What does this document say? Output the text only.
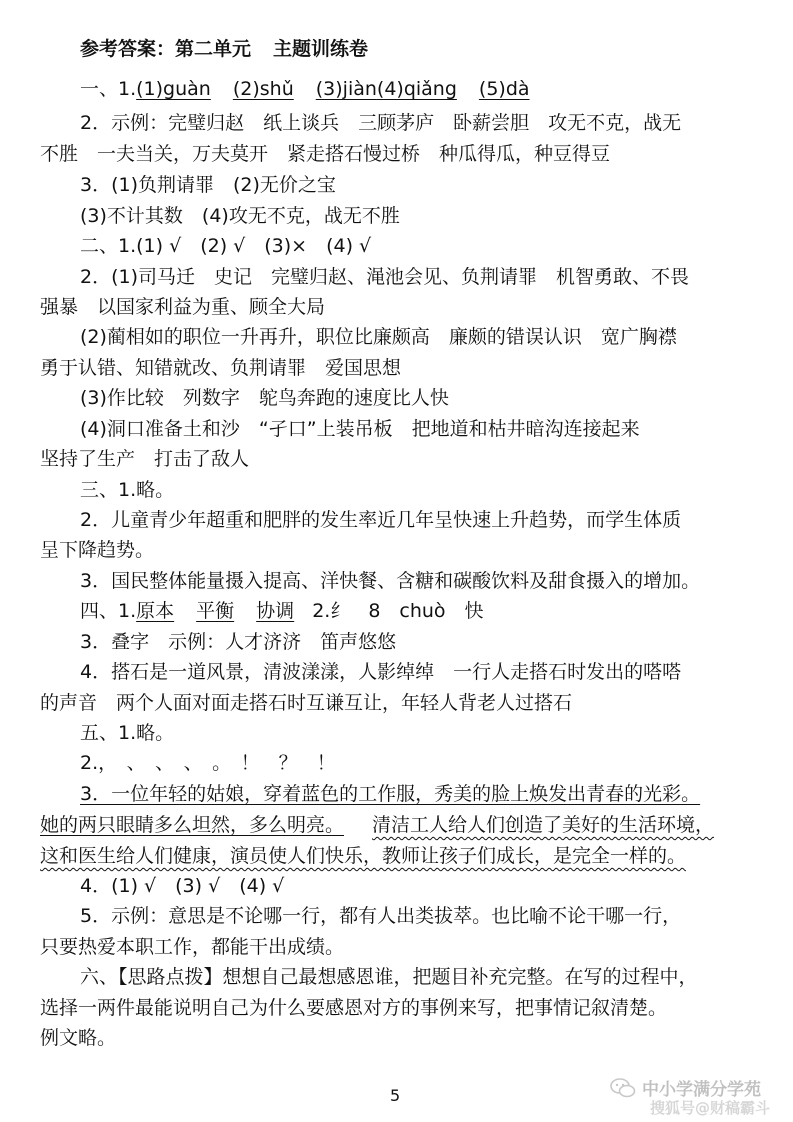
参考答案：第二单元 主题训练卷
一、1.(1)guàn (2)shǔ (3)jiàn(4)qiǎng (5)dà
2．示例：完璧归赵　纸上谈兵　三顾茅庐　卧薪尝胆　攻无不克，战无
不胜　一夫当关，万夫莫开　紧走搭石慢过桥　种瓜得瓜，种豆得豆
3．(1)负荆请罪　(2)无价之宝
(3)不计其数　(4)攻无不克，战无不胜
二、1.(1) √　(2) √　(3)×　(4) √
2．(1)司马迁　史记　完璧归赵、渑池会见、负荆请罪　机智勇敢、不畏
强暴　以国家利益为重、顾全大局
(2)蔺相如的职位一升再升，职位比廉颇高　廉颇的错误认识　宽广胸襟
勇于认错、知错就改、负荆请罪　爱国思想
(3)作比较　列数字　鸵鸟奔跑的速度比人快
(4)洞口准备土和沙　“孑口”上装吊板　把地道和枯井暗沟连接起来
坚持了生产　打击了敌人
三、1.略。
2．儿童青少年超重和肥胖的发生率近几年呈快速上升趋势，而学生体质
呈下降趋势。
3．国民整体能量摄入提高、洋快餐、含糖和碳酸饮料及甜食摄入的增加。
四、1.原本 平衡 协调 2.纟　8　chuò　快
3．叠字　示例：人才济济　笛声悠悠
4．搭石是一道风景，清波漾漾，人影绰绰　一行人走搭石时发出的嗒嗒
的声音　两个人面对面走搭石时互谦互让，年轻人背老人过搭石
五、1.略。
2.，　、　、　、　。　！　？　！
3．一位年轻的姑娘，穿着蓝色的工作服，秀美的脸上焕发出青春的光彩。
她的两只眼睛多么坦然，多么明亮。 清洁工人给人们创造了美好的生活环境，
这和医生给人们健康，演员使人们快乐，教师让孩子们成长，是完全一样的。
4．(1) √　(3) √　(4) √
5．示例：意思是不论哪一行，都有人出类拔萃。也比喻不论干哪一行，
只要热爱本职工作，都能干出成绩。
六、【思路点拨】想想自己最想感恩谁，把题目补充完整。在写的过程中，
选择一两件最能说明自己为什么要感恩对方的事例来写，把事情记叙清楚。
例文略。
5	中小学满分学苑
搜狐号@财稿霸斗
